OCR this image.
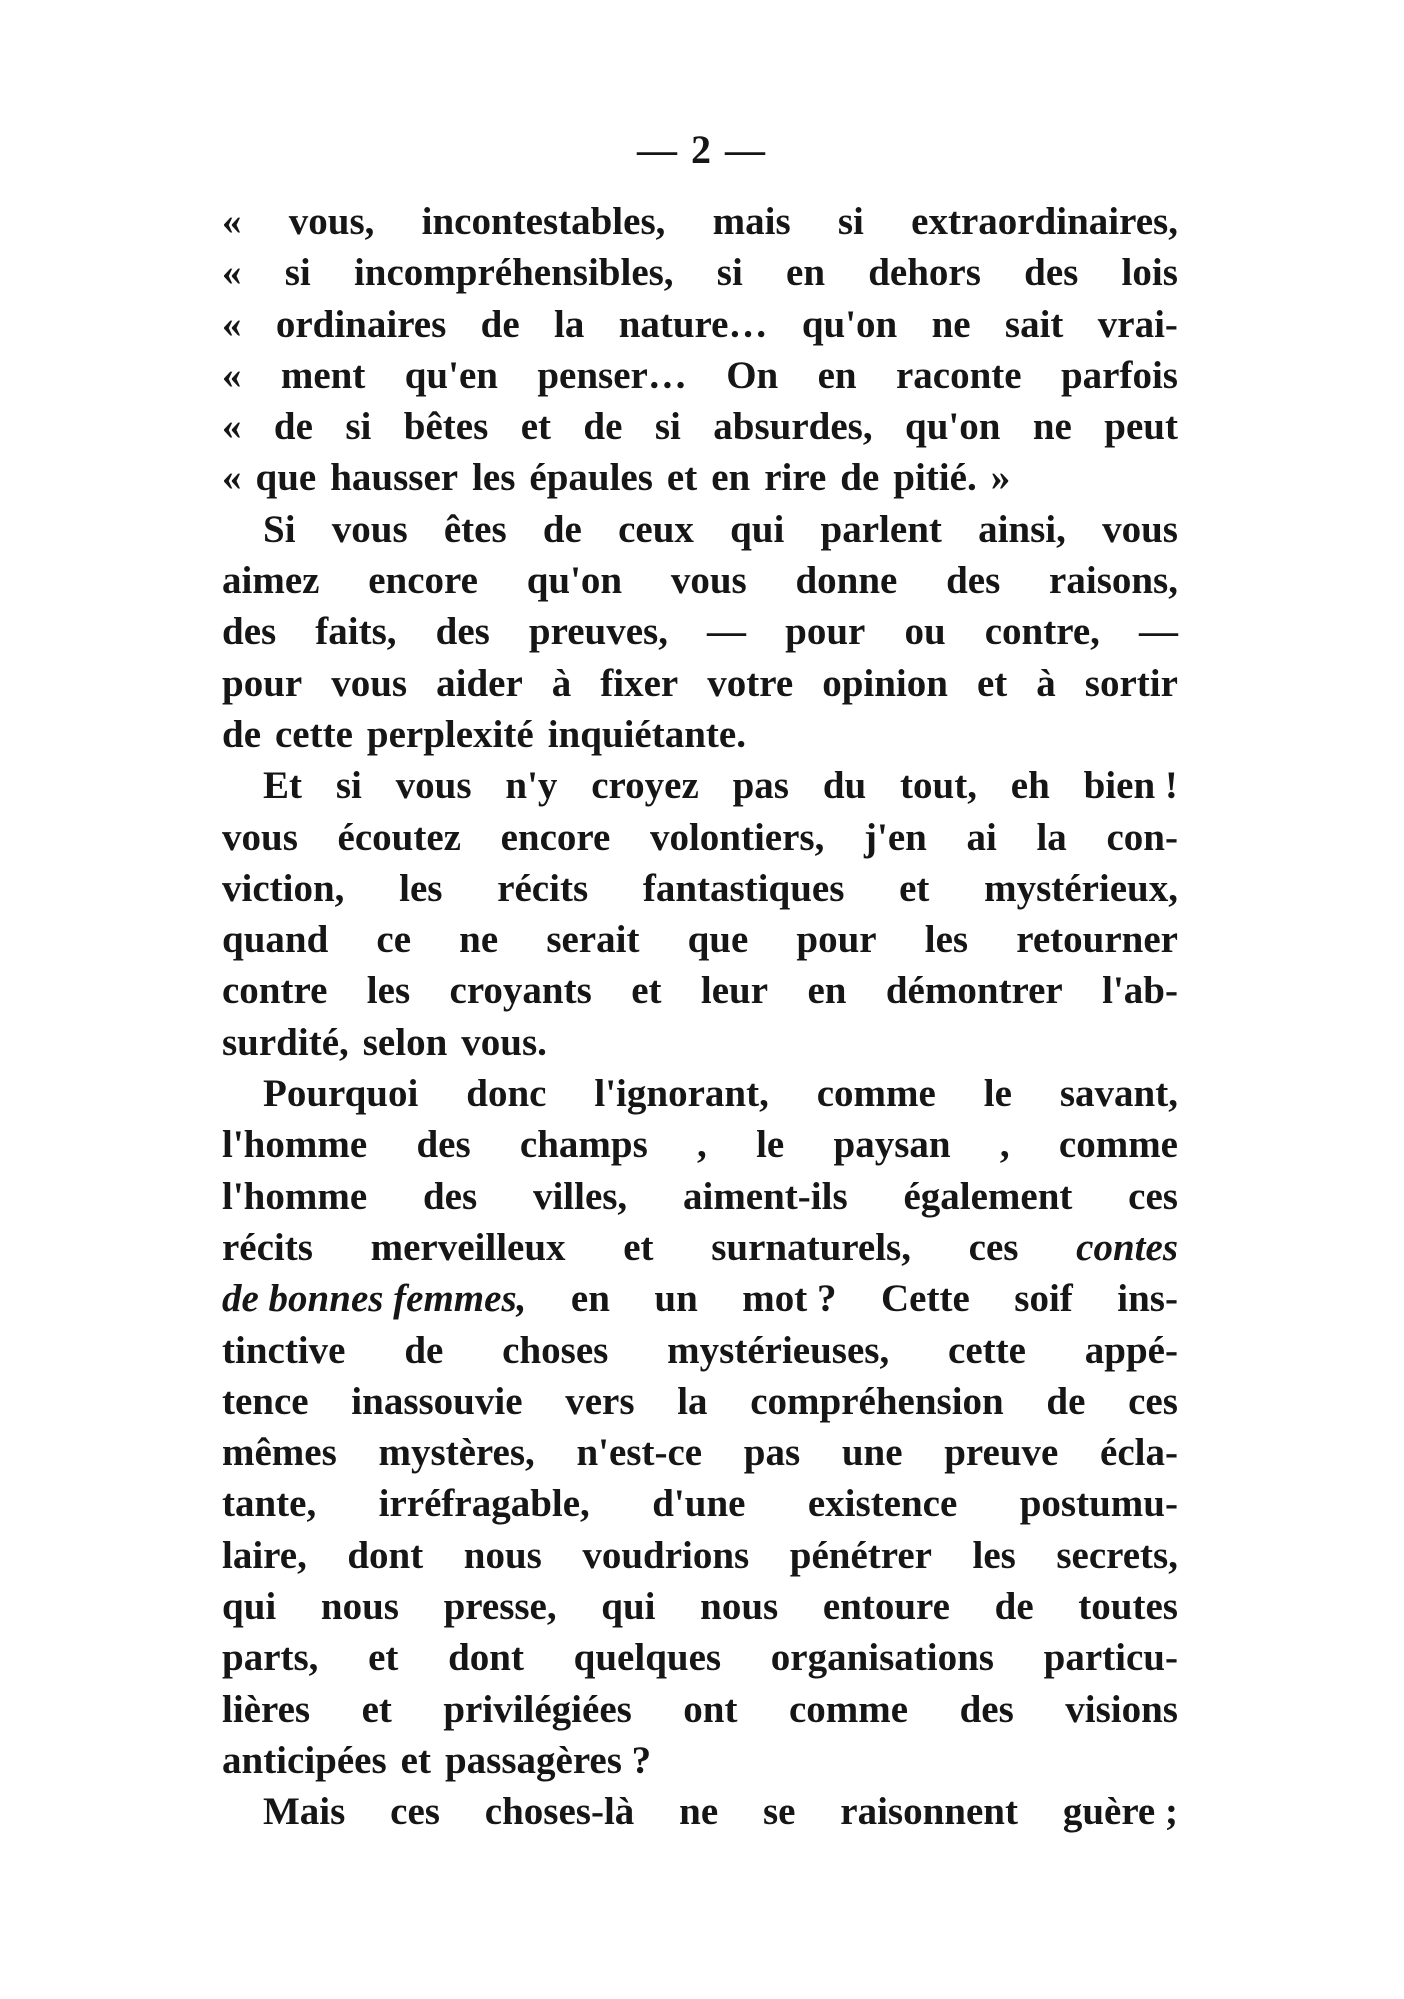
— 2 —
« vous, incontestables, mais si extraordinaires,
« si incompréhensibles, si en dehors des lois
« ordinaires de la nature… qu'on ne sait vrai-
« ment qu'en penser… On en raconte parfois
« de si bêtes et de si absurdes, qu'on ne peut
« que hausser les épaules et en rire de pitié. »
Si vous êtes de ceux qui parlent ainsi, vous
aimez encore qu'on vous donne des raisons,
des faits, des preuves, — pour ou contre, —
pour vous aider à fixer votre opinion et à sortir
de cette perplexité inquiétante.
Et si vous n'y croyez pas du tout, eh bien !
vous écoutez encore volontiers, j'en ai la con-
viction, les récits fantastiques et mystérieux,
quand ce ne serait que pour les retourner
contre les croyants et leur en démontrer l'ab-
surdité, selon vous.
Pourquoi donc l'ignorant, comme le savant,
l'homme des champs , le paysan , comme
l'homme des villes, aiment-ils également ces
récits merveilleux et surnaturels, ces contes
de bonnes femmes, en un mot ? Cette soif ins-
tinctive de choses mystérieuses, cette appé-
tence inassouvie vers la compréhension de ces
mêmes mystères, n'est-ce pas une preuve écla-
tante, irréfragable, d'une existence postumu-
laire, dont nous voudrions pénétrer les secrets,
qui nous presse, qui nous entoure de toutes
parts, et dont quelques organisations particu-
lières et privilégiées ont comme des visions
anticipées et passagères ?
Mais ces choses-là ne se raisonnent guère ;
